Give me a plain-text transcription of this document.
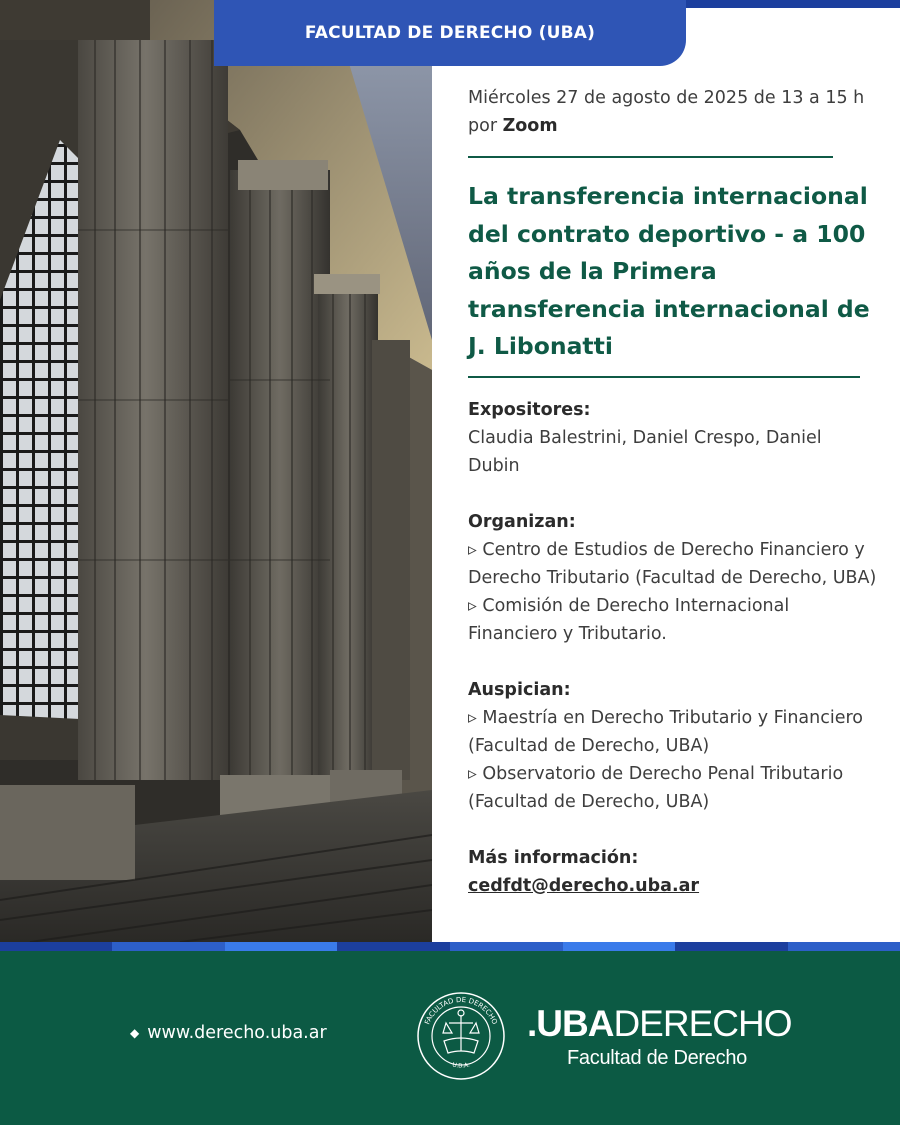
FACULTAD DE DERECHO (UBA)

Miércoles 27 de agosto de 2025 de 13 a 15 h por Zoom

La transferencia internacional del contrato deportivo - a 100 años de la Primera transferencia internacional de J. Libonatti
Expositores:
Claudia Balestrini, Daniel Crespo, Daniel Dubin
Organizan:
▹ Centro de Estudios de Derecho Financiero y Derecho Tributario (Facultad de Derecho, UBA)
▹ Comisión de Derecho Internacional Financiero y Tributario.
Auspician:
▹ Maestría en Derecho Tributario y Financiero (Facultad de Derecho, UBA)
▹ Observatorio de Derecho Penal Tributario (Facultad de Derecho, UBA)
Más información:
cedfdt@derecho.uba.ar
◆ www.derecho.uba.ar
FACULTAD DE DERECHO
U.B.A.
.UBADERECHO
Facultad de Derecho
